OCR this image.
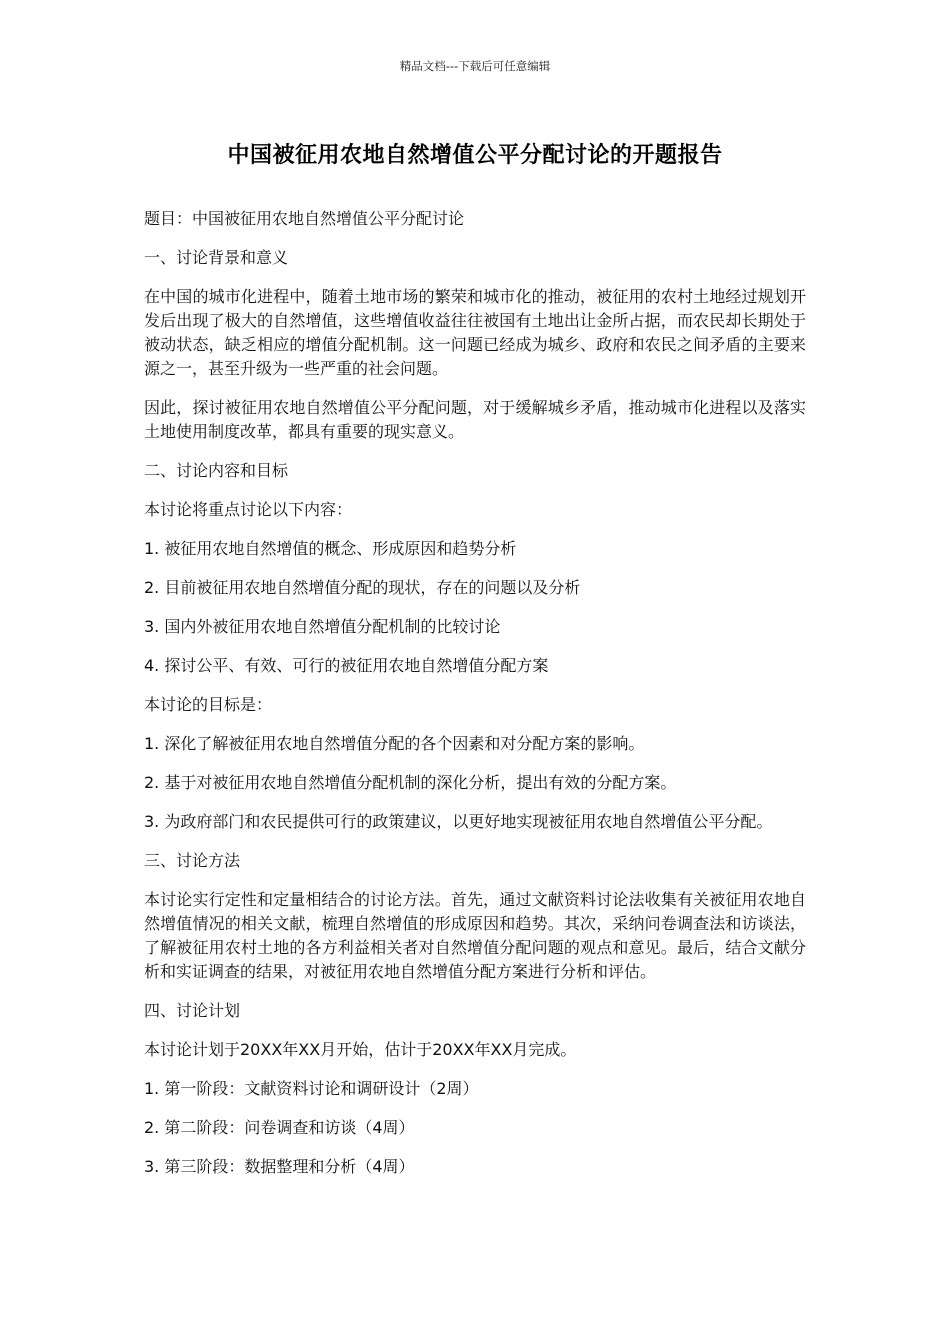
精品文档---下载后可任意编辑
中国被征用农地自然增值公平分配讨论的开题报告

题目：中国被征用农地自然增值公平分配讨论

一、讨论背景和意义

在中国的城市化进程中，随着土地市场的繁荣和城市化的推动，被征用的农村土地经过规划开发后出现了极大的自然增值，这些增值收益往往被国有土地出让金所占据，而农民却长期处于被动状态，缺乏相应的增值分配机制。这一问题已经成为城乡、政府和农民之间矛盾的主要来源之一，甚至升级为一些严重的社会问题。

因此，探讨被征用农地自然增值公平分配问题，对于缓解城乡矛盾，推动城市化进程以及落实土地使用制度改革，都具有重要的现实意义。

二、讨论内容和目标

本讨论将重点讨论以下内容：

1. 被征用农地自然增值的概念、形成原因和趋势分析

2. 目前被征用农地自然增值分配的现状，存在的问题以及分析

3. 国内外被征用农地自然增值分配机制的比较讨论

4. 探讨公平、有效、可行的被征用农地自然增值分配方案

本讨论的目标是：

1. 深化了解被征用农地自然增值分配的各个因素和对分配方案的影响。

2. 基于对被征用农地自然增值分配机制的深化分析，提出有效的分配方案。

3. 为政府部门和农民提供可行的政策建议，以更好地实现被征用农地自然增值公平分配。

三、讨论方法

本讨论实行定性和定量相结合的讨论方法。首先，通过文献资料讨论法收集有关被征用农地自然增值情况的相关文献，梳理自然增值的形成原因和趋势。其次，采纳问卷调查法和访谈法，了解被征用农村土地的各方利益相关者对自然增值分配问题的观点和意见。最后，结合文献分析和实证调查的结果，对被征用农地自然增值分配方案进行分析和评估。

四、讨论计划

本讨论计划于20XX年XX月开始，估计于20XX年XX月完成。

1. 第一阶段：文献资料讨论和调研设计（2周）

2. 第二阶段：问卷调查和访谈（4周）

3. 第三阶段：数据整理和分析（4周）
